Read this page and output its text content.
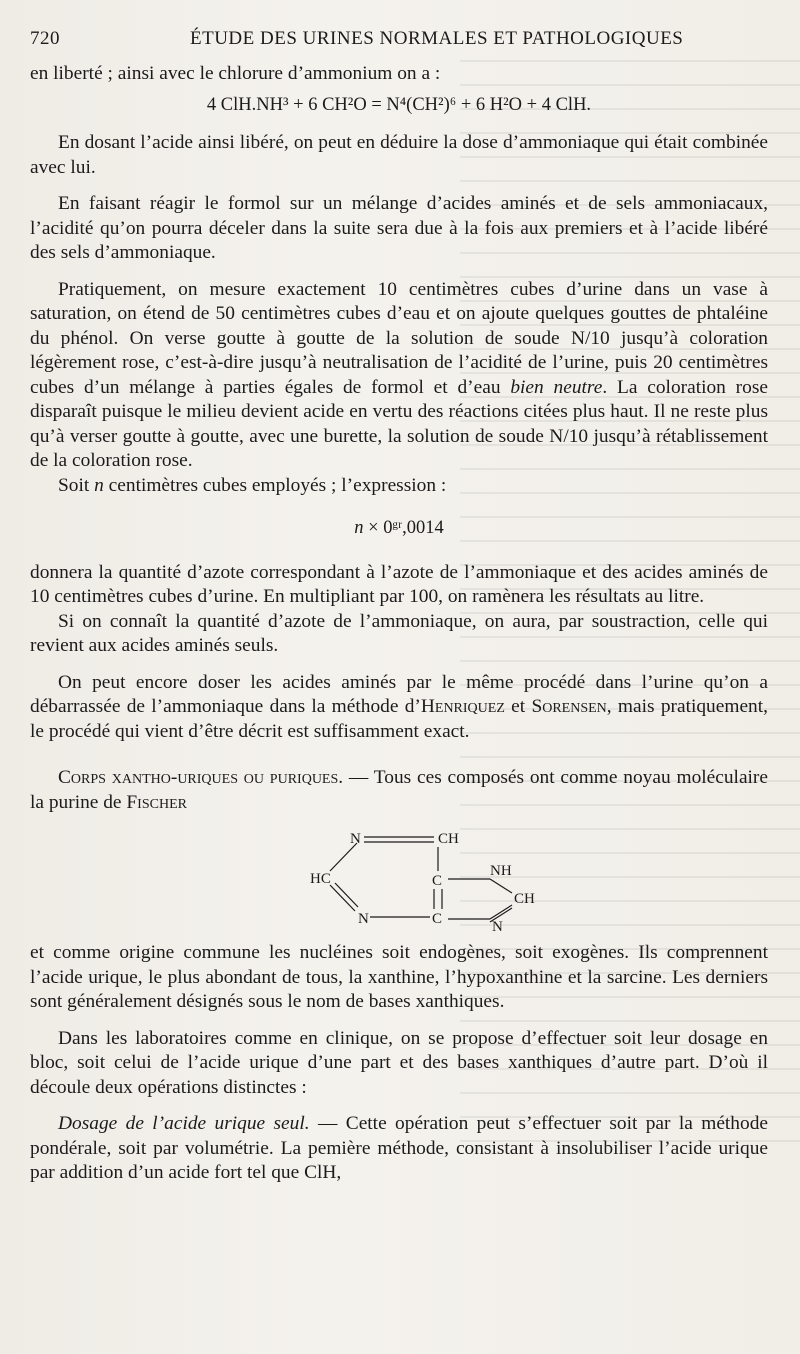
720	ÉTUDE DES URINES NORMALES ET PATHOLOGIQUES

en liberté ; ainsi avec le chlorure d’ammonium on a :

4 ClH.NH³ + 6 CH²O = N⁴(CH²)⁶ + 6 H²O + 4 ClH.

En dosant l’acide ainsi libéré, on peut en déduire la dose d’ammoniaque qui était combinée avec lui.

En faisant réagir le formol sur un mélange d’acides aminés et de sels ammoniacaux, l’acidité qu’on pourra déceler dans la suite sera due à la fois aux premiers et à l’acide libéré des sels d’ammoniaque.

Pratiquement, on mesure exactement 10 centimètres cubes d’urine dans un vase à saturation, on étend de 50 centimètres cubes d’eau et on ajoute quelques gouttes de phtaléine du phénol. On verse goutte à goutte de la solution de soude N/10 jusqu’à coloration légèrement rose, c’est-à-dire jusqu’à neutralisation de l’acidité de l’urine, puis 20 centimètres cubes d’un mélange à parties égales de formol et d’eau bien neutre. La coloration rose disparaît puisque le milieu devient acide en vertu des réactions citées plus haut. Il ne reste plus qu’à verser goutte à goutte, avec une burette, la solution de soude N/10 jusqu’à rétablissement de la coloration rose.

Soit n centimètres cubes employés ; l’expression :

n × 0ᵍʳ,0014

donnera la quantité d’azote correspondant à l’azote de l’ammoniaque et des acides aminés de 10 centimètres cubes d’urine. En multipliant par 100, on ramènera les résultats au litre.

Si on connaît la quantité d’azote de l’ammoniaque, on aura, par soustraction, celle qui revient aux acides aminés seuls.

On peut encore doser les acides aminés par le même procédé dans l’urine qu’on a débarrassée de l’ammoniaque dans la méthode d’Henriquez et Sorensen, mais pratiquement, le procédé qui vient d’être décrit est suffisamment exact.

Corps xantho-uriques ou puriques. — Tous ces composés ont comme noyau moléculaire la purine de Fischer

N	CH
HC	C
NH
CH
N	C	N

et comme origine commune les nucléines soit endogènes, soit exogènes. Ils comprennent l’acide urique, le plus abondant de tous, la xanthine, l’hypoxanthine et la sarcine. Les derniers sont généralement désignés sous le nom de bases xanthiques.

Dans les laboratoires comme en clinique, on se propose d’effectuer soit leur dosage en bloc, soit celui de l’acide urique d’une part et des bases xanthiques d’autre part. D’où il découle deux opérations distinctes :

Dosage de l’acide urique seul. — Cette opération peut s’effectuer soit par la méthode pondérale, soit par volumétrie. La pemière méthode, consistant à insolubiliser l’acide urique par addition d’un acide fort tel que ClH,
